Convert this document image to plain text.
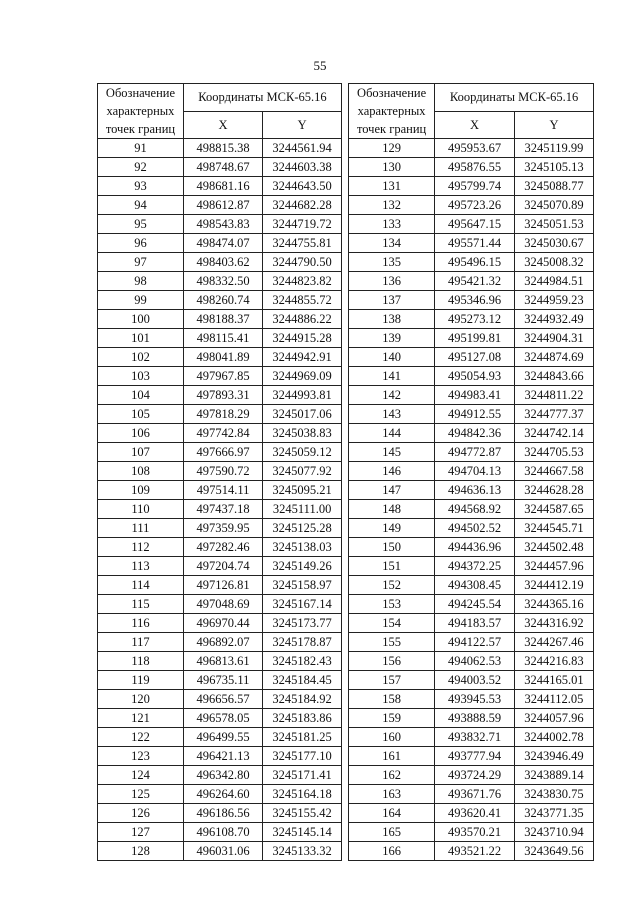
55
Обозначение
характерных
точек границ	Координаты МСК-65.16	
	X	Y
91	498815.38	3244561.94
92	498748.67	3244603.38
93	498681.16	3244643.50
94	498612.87	3244682.28
95	498543.83	3244719.72
96	498474.07	3244755.81
97	498403.62	3244790.50
98	498332.50	3244823.82
99	498260.74	3244855.72
100	498188.37	3244886.22
101	498115.41	3244915.28
102	498041.89	3244942.91
103	497967.85	3244969.09
104	497893.31	3244993.81
105	497818.29	3245017.06
106	497742.84	3245038.83
107	497666.97	3245059.12
108	497590.72	3245077.92
109	497514.11	3245095.21
110	497437.18	3245111.00
111	497359.95	3245125.28
112	497282.46	3245138.03
113	497204.74	3245149.26
114	497126.81	3245158.97
115	497048.69	3245167.14
116	496970.44	3245173.77
117	496892.07	3245178.87
118	496813.61	3245182.43
119	496735.11	3245184.45
120	496656.57	3245184.92
121	496578.05	3245183.86
122	496499.55	3245181.25
123	496421.13	3245177.10
124	496342.80	3245171.41
125	496264.60	3245164.18
126	496186.56	3245155.42
127	496108.70	3245145.14
128	496031.06	3245133.32
Обозначение
характерных
точек границ	Координаты МСК-65.16	
	X	Y
129	495953.67	3245119.99
130	495876.55	3245105.13
131	495799.74	3245088.77
132	495723.26	3245070.89
133	495647.15	3245051.53
134	495571.44	3245030.67
135	495496.15	3245008.32
136	495421.32	3244984.51
137	495346.96	3244959.23
138	495273.12	3244932.49
139	495199.81	3244904.31
140	495127.08	3244874.69
141	495054.93	3244843.66
142	494983.41	3244811.22
143	494912.55	3244777.37
144	494842.36	3244742.14
145	494772.87	3244705.53
146	494704.13	3244667.58
147	494636.13	3244628.28
148	494568.92	3244587.65
149	494502.52	3244545.71
150	494436.96	3244502.48
151	494372.25	3244457.96
152	494308.45	3244412.19
153	494245.54	3244365.16
154	494183.57	3244316.92
155	494122.57	3244267.46
156	494062.53	3244216.83
157	494003.52	3244165.01
158	493945.53	3244112.05
159	493888.59	3244057.96
160	493832.71	3244002.78
161	493777.94	3243946.49
162	493724.29	3243889.14
163	493671.76	3243830.75
164	493620.41	3243771.35
165	493570.21	3243710.94
166	493521.22	3243649.56
